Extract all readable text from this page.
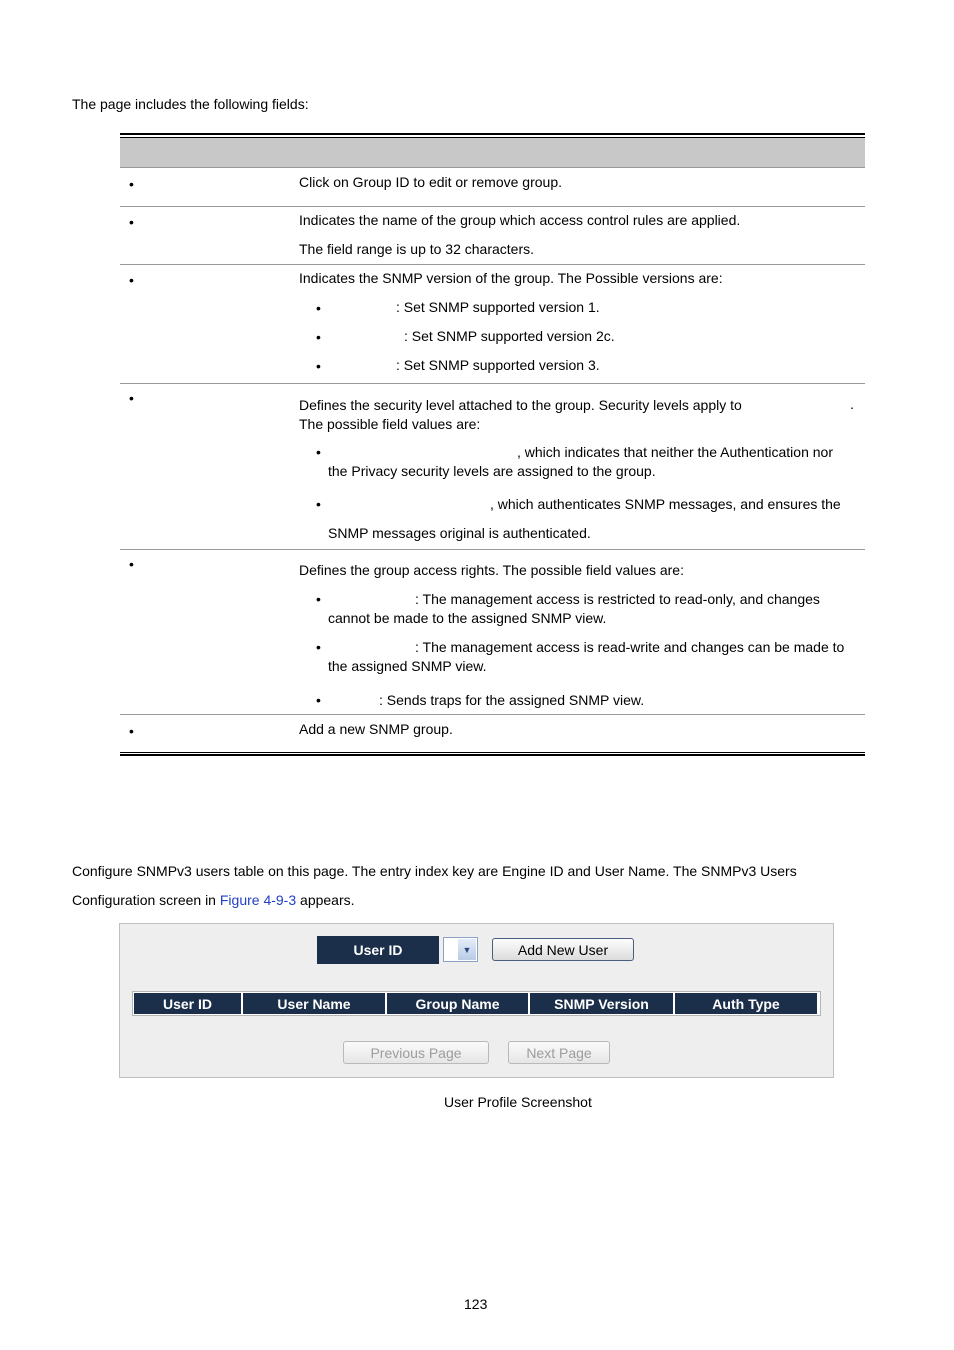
The page includes the following fields:
•	Click on Group ID to edit or remove group.
•	Indicates the name of the group which access control rules are applied.
The field range is up to 32 characters.
•	Indicates the SNMP version of the group. The Possible versions are:
•	: Set SNMP supported version 1.
•	: Set SNMP supported version 2c.
•	: Set SNMP supported version 3.
•	Defines the security level attached to the group. Security levels apply to	.
The possible field values are:
•	, which indicates that neither the Authentication nor
the Privacy security levels are assigned to the group.
•	, which authenticates SNMP messages, and ensures the
SNMP messages original is authenticated.
•	Defines the group access rights. The possible field values are:
•	: The management access is restricted to read-only, and changes
cannot be made to the assigned SNMP view.
•	: The management access is read-write and changes can be made to
the assigned SNMP view.
•	: Sends traps for the assigned SNMP view.
•	Add a new SNMP group.
Configure SNMPv3 users table on this page. The entry index key are Engine ID and User Name. The SNMPv3 Users
Configuration screen in Figure 4-9-3 appears.
User ID	▼	Add New User
User ID	User Name	Group Name	SNMP Version	Auth Type
Previous Page	Next Page
User Profile Screenshot
123
